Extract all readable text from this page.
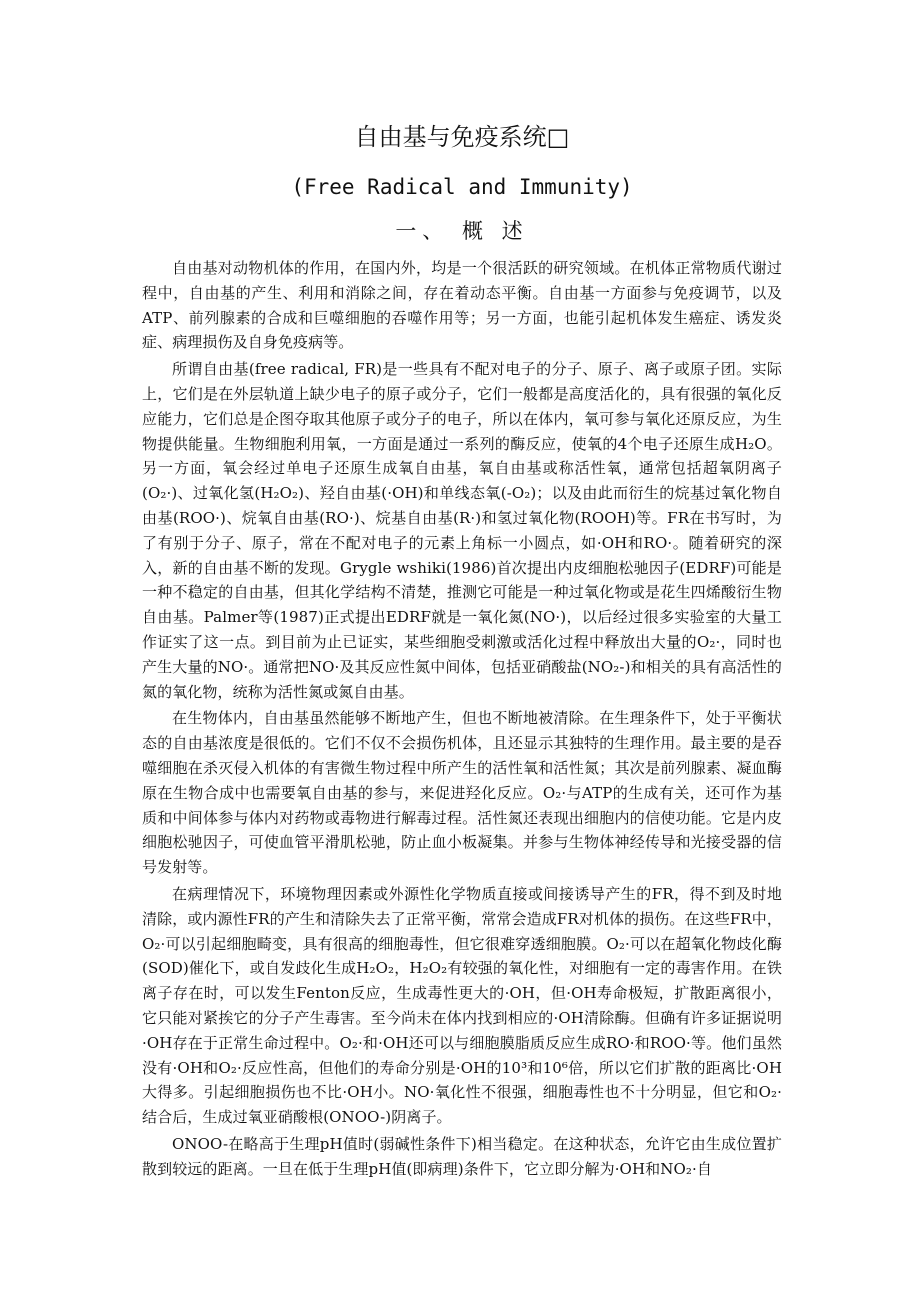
自由基与免疫系统□
(Free Radical and Immunity)
一、 概 述

自由基对动物机体的作用，在国内外，均是一个很活跃的研究领域。在机体正常物质代谢过程中，自由基的产生、利用和消除之间，存在着动态平衡。自由基一方面参与免疫调节，以及ATP、前列腺素的合成和巨噬细胞的吞噬作用等；另一方面，也能引起机体发生癌症、诱发炎症、病理损伤及自身免疫病等。

所谓自由基(free radical, FR)是一些具有不配对电子的分子、原子、离子或原子团。实际上，它们是在外层轨道上缺少电子的原子或分子，它们一般都是高度活化的，具有很强的氧化反应能力，它们总是企图夺取其他原子或分子的电子，所以在体内，氧可参与氧化还原反应，为生物提供能量。生物细胞利用氧，一方面是通过一系列的酶反应，使氧的4个电子还原生成H₂O。另一方面，氧会经过单电子还原生成氧自由基，氧自由基或称活性氧，通常包括超氧阴离子(O₂·)、过氧化氢(H₂O₂)、羟自由基(·OH)和单线态氧(-O₂)；以及由此而衍生的烷基过氧化物自由基(ROO·)、烷氧自由基(RO·)、烷基自由基(R·)和氢过氧化物(ROOH)等。FR在书写时，为了有别于分子、原子，常在不配对电子的元素上角标一小圆点，如·OH和RO·。随着研究的深入，新的自由基不断的发现。Grygle wshiki(1986)首次提出内皮细胞松驰因子(EDRF)可能是一种不稳定的自由基，但其化学结构不清楚，推测它可能是一种过氧化物或是花生四烯酸衍生物自由基。Palmer等(1987)正式提出EDRF就是一氧化氮(NO·)，以后经过很多实验室的大量工作证实了这一点。到目前为止已证实，某些细胞受刺激或活化过程中释放出大量的O₂·，同时也产生大量的NO·。通常把NO·及其反应性氮中间体，包括亚硝酸盐(NO₂-)和相关的具有高活性的氮的氧化物，统称为活性氮或氮自由基。

在生物体内，自由基虽然能够不断地产生，但也不断地被清除。在生理条件下，处于平衡状态的自由基浓度是很低的。它们不仅不会损伤机体，且还显示其独特的生理作用。最主要的是吞噬细胞在杀灭侵入机体的有害微生物过程中所产生的活性氧和活性氮；其次是前列腺素、凝血酶原在生物合成中也需要氧自由基的参与，来促进羟化反应。O₂·与ATP的生成有关，还可作为基质和中间体参与体内对药物或毒物进行解毒过程。活性氮还表现出细胞内的信使功能。它是内皮细胞松驰因子，可使血管平滑肌松驰，防止血小板凝集。并参与生物体神经传导和光接受器的信号发射等。

在病理情况下，环境物理因素或外源性化学物质直接或间接诱导产生的FR，得不到及时地清除，或内源性FR的产生和清除失去了正常平衡，常常会造成FR对机体的损伤。在这些FR中，O₂·可以引起细胞畸变，具有很高的细胞毒性，但它很难穿透细胞膜。O₂·可以在超氧化物歧化酶(SOD)催化下，或自发歧化生成H₂O₂，H₂O₂有较强的氧化性，对细胞有一定的毒害作用。在铁离子存在时，可以发生Fenton反应，生成毒性更大的·OH，但·OH寿命极短，扩散距离很小，它只能对紧挨它的分子产生毒害。至今尚未在体内找到相应的·OH清除酶。但确有许多证据说明 ·OH存在于正常生命过程中。O₂·和·OH还可以与细胞膜脂质反应生成RO·和ROO·等。他们虽然没有·OH和O₂·反应性高，但他们的寿命分别是·OH的10³和10⁶倍，所以它们扩散的距离比·OH大得多。引起细胞损伤也不比·OH小。NO·氧化性不很强，细胞毒性也不十分明显，但它和O₂·结合后，生成过氧亚硝酸根(ONOO-)阴离子。

ONOO-在略高于生理pH值时(弱碱性条件下)相当稳定。在这种状态，允许它由生成位置扩散到较远的距离。一旦在低于生理pH值(即病理)条件下，它立即分解为·OH和NO₂·自
